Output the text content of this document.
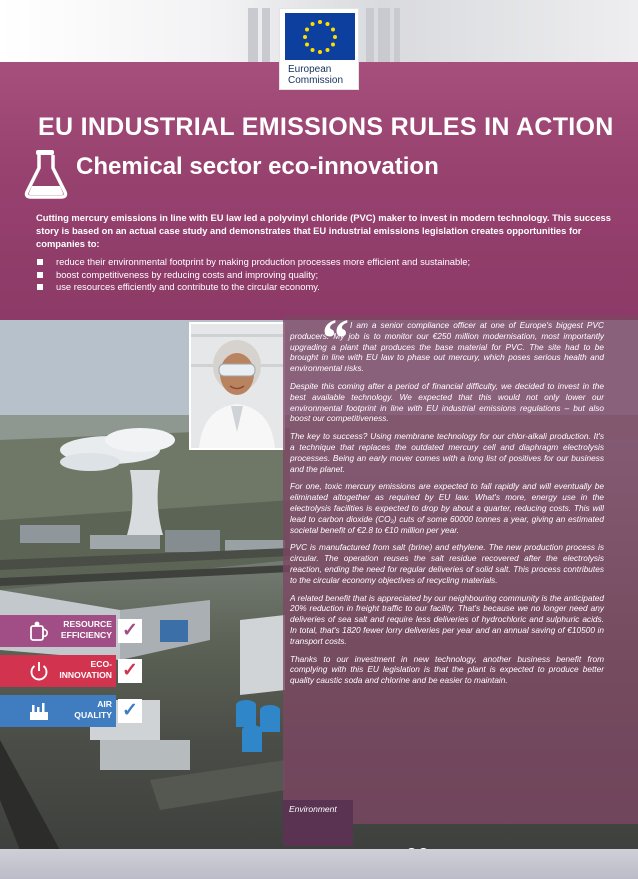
European
Commission
EU INDUSTRIAL EMISSIONS RULES IN ACTION
Chemical sector eco-innovation

Cutting mercury emissions in line with EU law led a polyvinyl chloride (PVC) maker to invest in modern technology. This success story is based on an actual case study and demonstrates that EU industrial emissions legislation creates opportunities for companies to:

reduce their environmental footprint by making production processes more efficient and sustainable;
boost competitiveness by reducing costs and improving quality;
use resources efficiently and contribute to the circular economy.
“ I am a senior compliance officer at one of Europe's biggest PVC producers. My job is to monitor our €250 million modernisation, most importantly upgrading a plant that produces the base material for PVC. The site had to be brought in line with EU law to phase out mercury, which poses serious health and environmental risks.

Despite this coming after a period of financial difficulty, we decided to invest in the best available technology. We expected that this would not only lower our environmental footprint in line with EU industrial emissions regulations – but also boost our competitiveness.

The key to success? Using membrane technology for our chlor-alkali production. It's a technique that replaces the outdated mercury cell and diaphragm electrolysis processes. Being an early mover comes with a long list of positives for our business and the planet.

For one, toxic mercury emissions are expected to fall rapidly and will eventually be eliminated altogether as required by EU law. What's more, energy use in the electrolysis facilities is expected to drop by about a quarter, reducing costs. This will lead to carbon dioxide (CO₂) cuts of some 60000 tonnes a year, giving an estimated societal benefit of €2.8 to €10 million per year.

PVC is manufactured from salt (brine) and ethylene. The new production process is circular. The operation reuses the salt residue recovered after the electrolysis reaction, ending the need for regular deliveries of solid salt. This process contributes to the circular economy objectives of recycling materials.

A related benefit that is appreciated by our neighbouring community is the anticipated 20% reduction in freight traffic to our facility. That's because we no longer need any deliveries of sea salt and require less deliveries of hydrochloric and sulphuric acids. In total, that's 1820 fewer lorry deliveries per year and an annual saving of €10500 in transport costs.

Thanks to our investment in new technology, another business benefit from complying with this EU legislation is that the plant is expected to produce better quality caustic soda and chlorine and be easier to maintain.

RESOURCE
EFFICIENCY ✓
ECO-
INNOVATION ✓
AIR
QUALITY ✓
Environment
